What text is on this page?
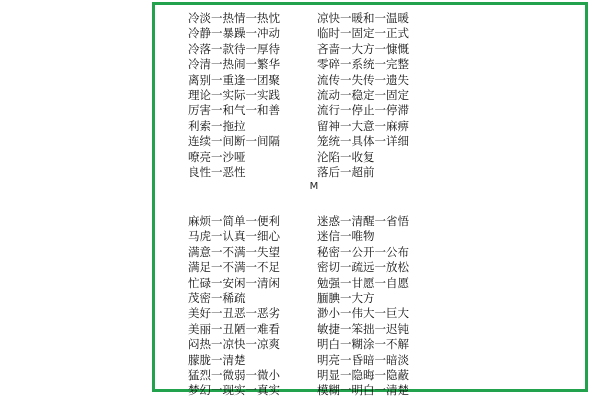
冷淡一热情一热忱
冷静一暴躁一冲动
冷落一款待一厚待
冷清一热闹一繁华
离别一重逢一团聚
理论一实际一实践
厉害一和气一和善
利索一拖拉
连续一间断一间隔
嘹亮一沙哑
良性一恶性
凉快一暖和一温暖
临时一固定一正式
吝啬一大方一慷慨
零碎一系统一完整
流传一失传一遗失
流动一稳定一固定
流行一停止一停滞
留神一大意一麻痹
笼统一具体一详细
沦陷一收复
落后一超前
M
麻烦一简单一便利
马虎一认真一细心
满意一不满一失望
满足一不满一不足
忙碌一安闲一清闲
茂密一稀疏
美好一丑恶一恶劣
美丽一丑陋一难看
闷热一凉快一凉爽
朦胧一清楚
猛烈一微弱一微小
梦幻一现实一真实
迷惑一清醒一省悟
迷信一唯物
秘密一公开一公布
密切一疏远一放松
勉强一甘愿一自愿
腼腆一大方
渺小一伟大一巨大
敏捷一笨拙一迟钝
明白一糊涂一不解
明亮一昏暗一暗淡
明显一隐晦一隐蔽
模糊一明白一清楚
